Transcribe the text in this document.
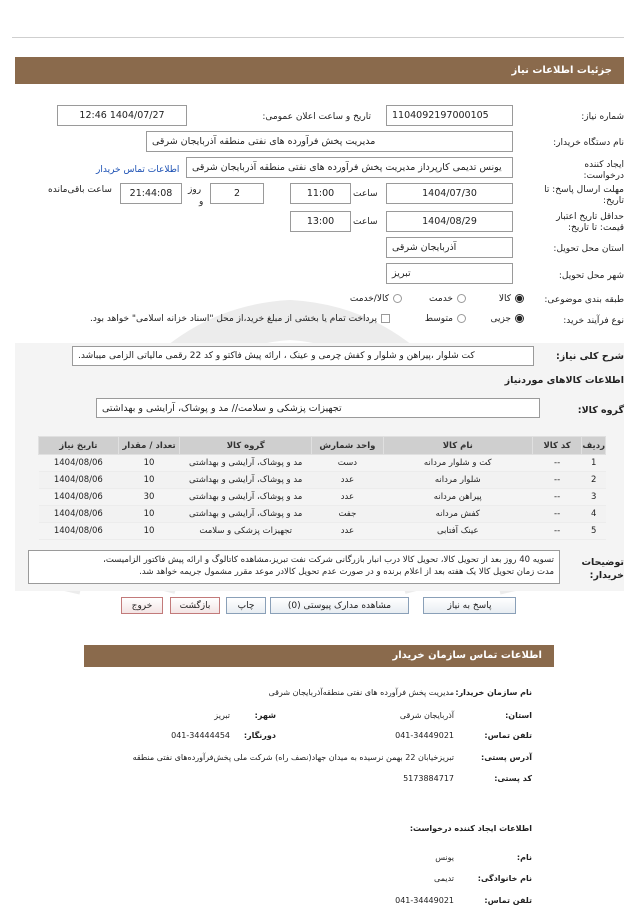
جزئیات اطلاعات نیاز
شماره نیاز:
1104092197000105
تاریخ و ساعت اعلان عمومی:
1404/07/27 12:46
نام دستگاه خریدار:
مدیریت پخش فرآورده های نفتی منطقه آذربایجان شرقی
ایجاد کننده
درخواست:
یونس تدیمی کارپرداز مدیریت پخش فرآورده های نفتی منطقه آذربایجان شرقی
اطلاعات تماس خریدار
مهلت ارسال پاسخ: تا
تاریخ:
1404/07/30
ساعت
11:00
2
روز
و
21:44:08
ساعت باقی‌مانده
حداقل تاریخ اعتبار
قیمت: تا تاریخ:
1404/08/29
ساعت
13:00
استان محل تحویل:
آذربایجان شرقی
شهر محل تحویل:
تبریز
طبقه بندی موضوعی:
کالا
خدمت
کالا/خدمت
نوع فرآیند خرید:
جزیی
متوسط
پرداخت تمام یا بخشی از مبلغ خرید،از محل "اسناد خزانه اسلامی" خواهد بود.
شرح کلی نیاز:
کت شلوار ،پیراهن و شلوار و کفش چرمی و عینک ، ارائه پیش فاکتو و کد 22 رقمی مالیاتی الزامی میباشد.
اطلاعات کالاهای موردنیاز
گروه کالا:
تجهیزات پزشکی و سلامت// مد و پوشاک، آرایشی و بهداشتی
ردیف	کد کالا	نام کالا	واحد شمارش	گروه کالا	تعداد / مقدار	تاریخ نیاز
1	--	کت و شلوار مردانه	دست	مد و پوشاک، آرایشی و بهداشتی	10	1404/08/06
2	--	شلوار مردانه	عدد	مد و پوشاک، آرایشی و بهداشتی	10	1404/08/06
3	--	پیراهن مردانه	عدد	مد و پوشاک، آرایشی و بهداشتی	30	1404/08/06
4	--	کفش مردانه	جفت	مد و پوشاک، آرایشی و بهداشتی	10	1404/08/06
5	--	عینک آفتابی	عدد	تجهیزات پزشکی و سلامت	10	1404/08/06
توضیحات
خریدار:
تسویه 40 روز بعد از تحویل کالا، تحویل کالا درب انبار بازرگانی شرکت نفت تبریز،مشاهده کاتالوگ و ارائه پیش فاکتور الزامیست،
مدت زمان تحویل کالا یک هفته بعد از اعلام برنده و در صورت عدم تحویل کالادر موعد مقرر مشمول جریمه خواهد شد.
پاسخ به نیاز
مشاهده مدارک پیوستی (0)
چاپ
بازگشت
خروج
اطلاعات تماس سازمان خریدار
نام سازمان خریدار:
مدیریت پخش فرآورده های نفتی منطقه‌آذربایجان شرقی
استان:
آذربایجان شرقی
شهر:
تبریز
تلفن تماس:
041-34449021
دورنگار:
041-34444454
آدرس پستی:
تبریزخیابان 22 بهمن نرسیده به میدان جهاد(نصف راه) شرکت ملی پخش‌فرآورده‌های نفتی منطقه
کد پستی:
5173884717
اطلاعات ایجاد کننده درخواست:
نام:
یونس
نام خانوادگی:
تدیمی
تلفن تماس:
041-34449021
